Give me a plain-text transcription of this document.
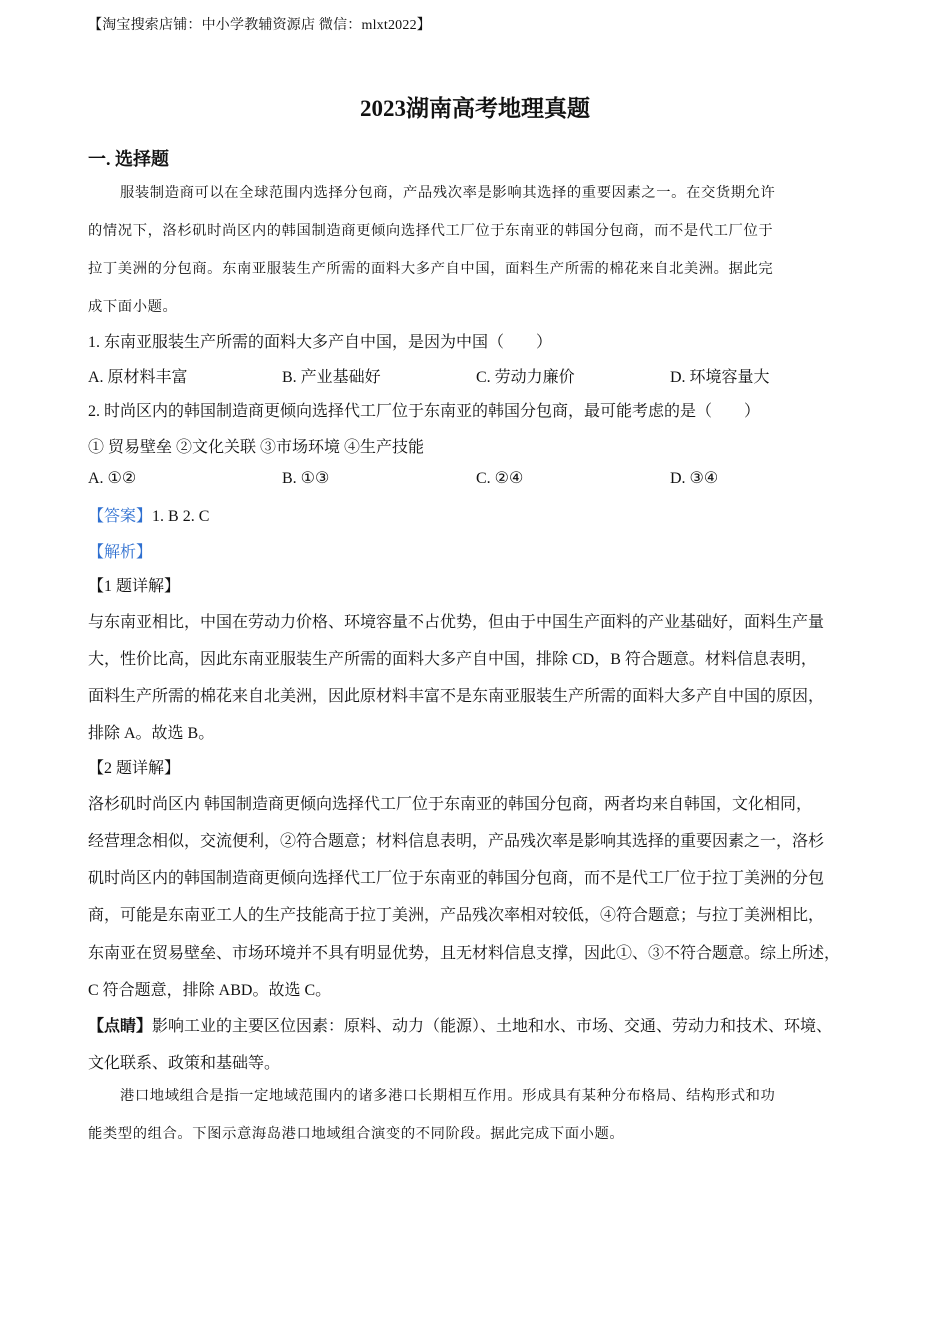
【淘宝搜索店铺：中小学教辅资源店 微信：mlxt2022】
2023湖南高考地理真题
一. 选择题
服装制造商可以在全球范围内选择分包商，产品残次率是影响其选择的重要因素之一。在交货期允许
的情况下，洛杉矶时尚区内的韩国制造商更倾向选择代工厂位于东南亚的韩国分包商，而不是代工厂位于
拉丁美洲的分包商。东南亚服装生产所需的面料大多产自中国，面料生产所需的棉花来自北美洲。据此完
成下面小题。
1. 东南亚服装生产所需的面料大多产自中国，是因为中国（　　）
A. 原材料丰富	B. 产业基础好	C. 劳动力廉价	D. 环境容量大
2. 时尚区内的韩国制造商更倾向选择代工厂位于东南亚的韩国分包商，最可能考虑的是（　　）
① 贸易壁垒 ②文化关联 ③市场环境 ④生产技能
A. ①②	B. ①③	C. ②④	D. ③④
【答案】1. B 2. C
【解析】
【1 题详解】
与东南亚相比，中国在劳动力价格、环境容量不占优势，但由于中国生产面料的产业基础好，面料生产量
大，性价比高，因此东南亚服装生产所需的面料大多产自中国，排除 CD，B 符合题意。材料信息表明，
面料生产所需的棉花来自北美洲，因此原材料丰富不是东南亚服装生产所需的面料大多产自中国的原因，
排除 A。故选 B。
【2 题详解】
洛杉矶时尚区内 韩国制造商更倾向选择代工厂位于东南亚的韩国分包商，两者均来自韩国，文化相同，
经营理念相似，交流便利，②符合题意；材料信息表明，产品残次率是影响其选择的重要因素之一，洛杉
矶时尚区内的韩国制造商更倾向选择代工厂位于东南亚的韩国分包商，而不是代工厂位于拉丁美洲的分包
商，可能是东南亚工人的生产技能高于拉丁美洲，产品残次率相对较低，④符合题意；与拉丁美洲相比，
东南亚在贸易壁垒、市场环境并不具有明显优势，且无材料信息支撑，因此①、③不符合题意。综上所述，
C 符合题意，排除 ABD。故选 C。
【点睛】影响工业的主要区位因素：原料、动力（能源）、土地和水、市场、交通、劳动力和技术、环境、
文化联系、政策和基础等。
港口地域组合是指一定地域范围内的诸多港口长期相互作用。形成具有某种分布格局、结构形式和功
能类型的组合。下图示意海岛港口地域组合演变的不同阶段。据此完成下面小题。
